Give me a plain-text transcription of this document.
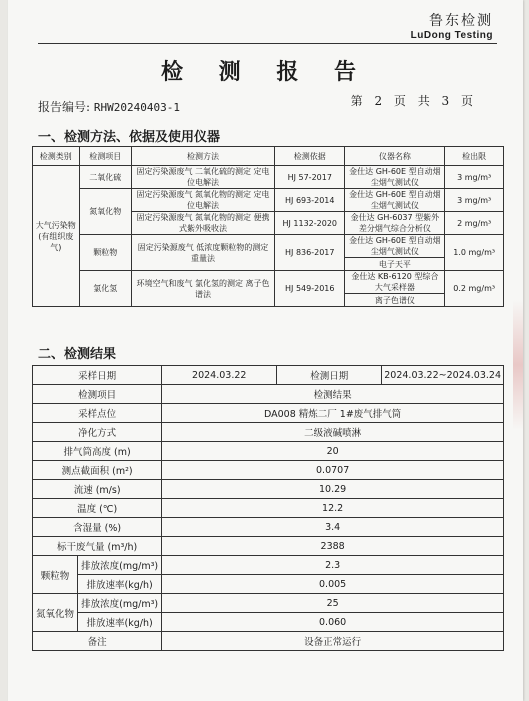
鲁东检测
LuDong Testing
检 测 报 告
报告编号: RHW20240403-1	第 2 页 共 3 页
一、检测方法、依据及使用仪器
检测类别	检测项目	检测方法	检测依据	仪器名称	检出限
大气污染物
(有组织废气)	二氧化硫	固定污染源废气 二氧化硫的测定 定电位电解法	HJ 57-2017	金仕达 GH-60E 型自动烟尘烟气测试仪	3 mg/m³
	氮氧化物	固定污染源废气 氮氧化物的测定 定电位电解法	HJ 693-2014	金仕达 GH-60E 型自动烟尘烟气测试仪	3 mg/m³
		固定污染源废气 氮氧化物的测定 便携式紫外吸收法	HJ 1132-2020	金仕达 GH-6037 型紫外差分烟气综合分析仪	2 mg/m³
	颗粒物	固定污染源废气 低浓度颗粒物的测定 重量法	HJ 836-2017	金仕达 GH-60E 型自动烟尘烟气测试仪	1.0 mg/m³
				电子天平	
	氯化氢	环境空气和废气 氯化氢的测定 离子色谱法	HJ 549-2016	金仕达 KB-6120 型综合大气采样器	0.2 mg/m³
				离子色谱仪	
二、检测结果
采样日期		2024.03.22	检测日期	2024.03.22~2024.03.24
检测项目		检测结果		
采样点位		DA008 精炼二厂 1#废气排气筒		
净化方式		二级液碱喷淋		
排气筒高度 (m)		20		
测点截面积 (m²)		0.0707		
流速 (m/s)		10.29		
温度 (℃)		12.2		
含湿量 (%)		3.4		
标干废气量 (m³/h)		2388		
颗粒物	排放浓度(mg/m³)	2.3		
	排放速率(kg/h)	0.005		
氮氧化物	排放浓度(mg/m³)	25		
	排放速率(kg/h)	0.060		
备注		设备正常运行		
